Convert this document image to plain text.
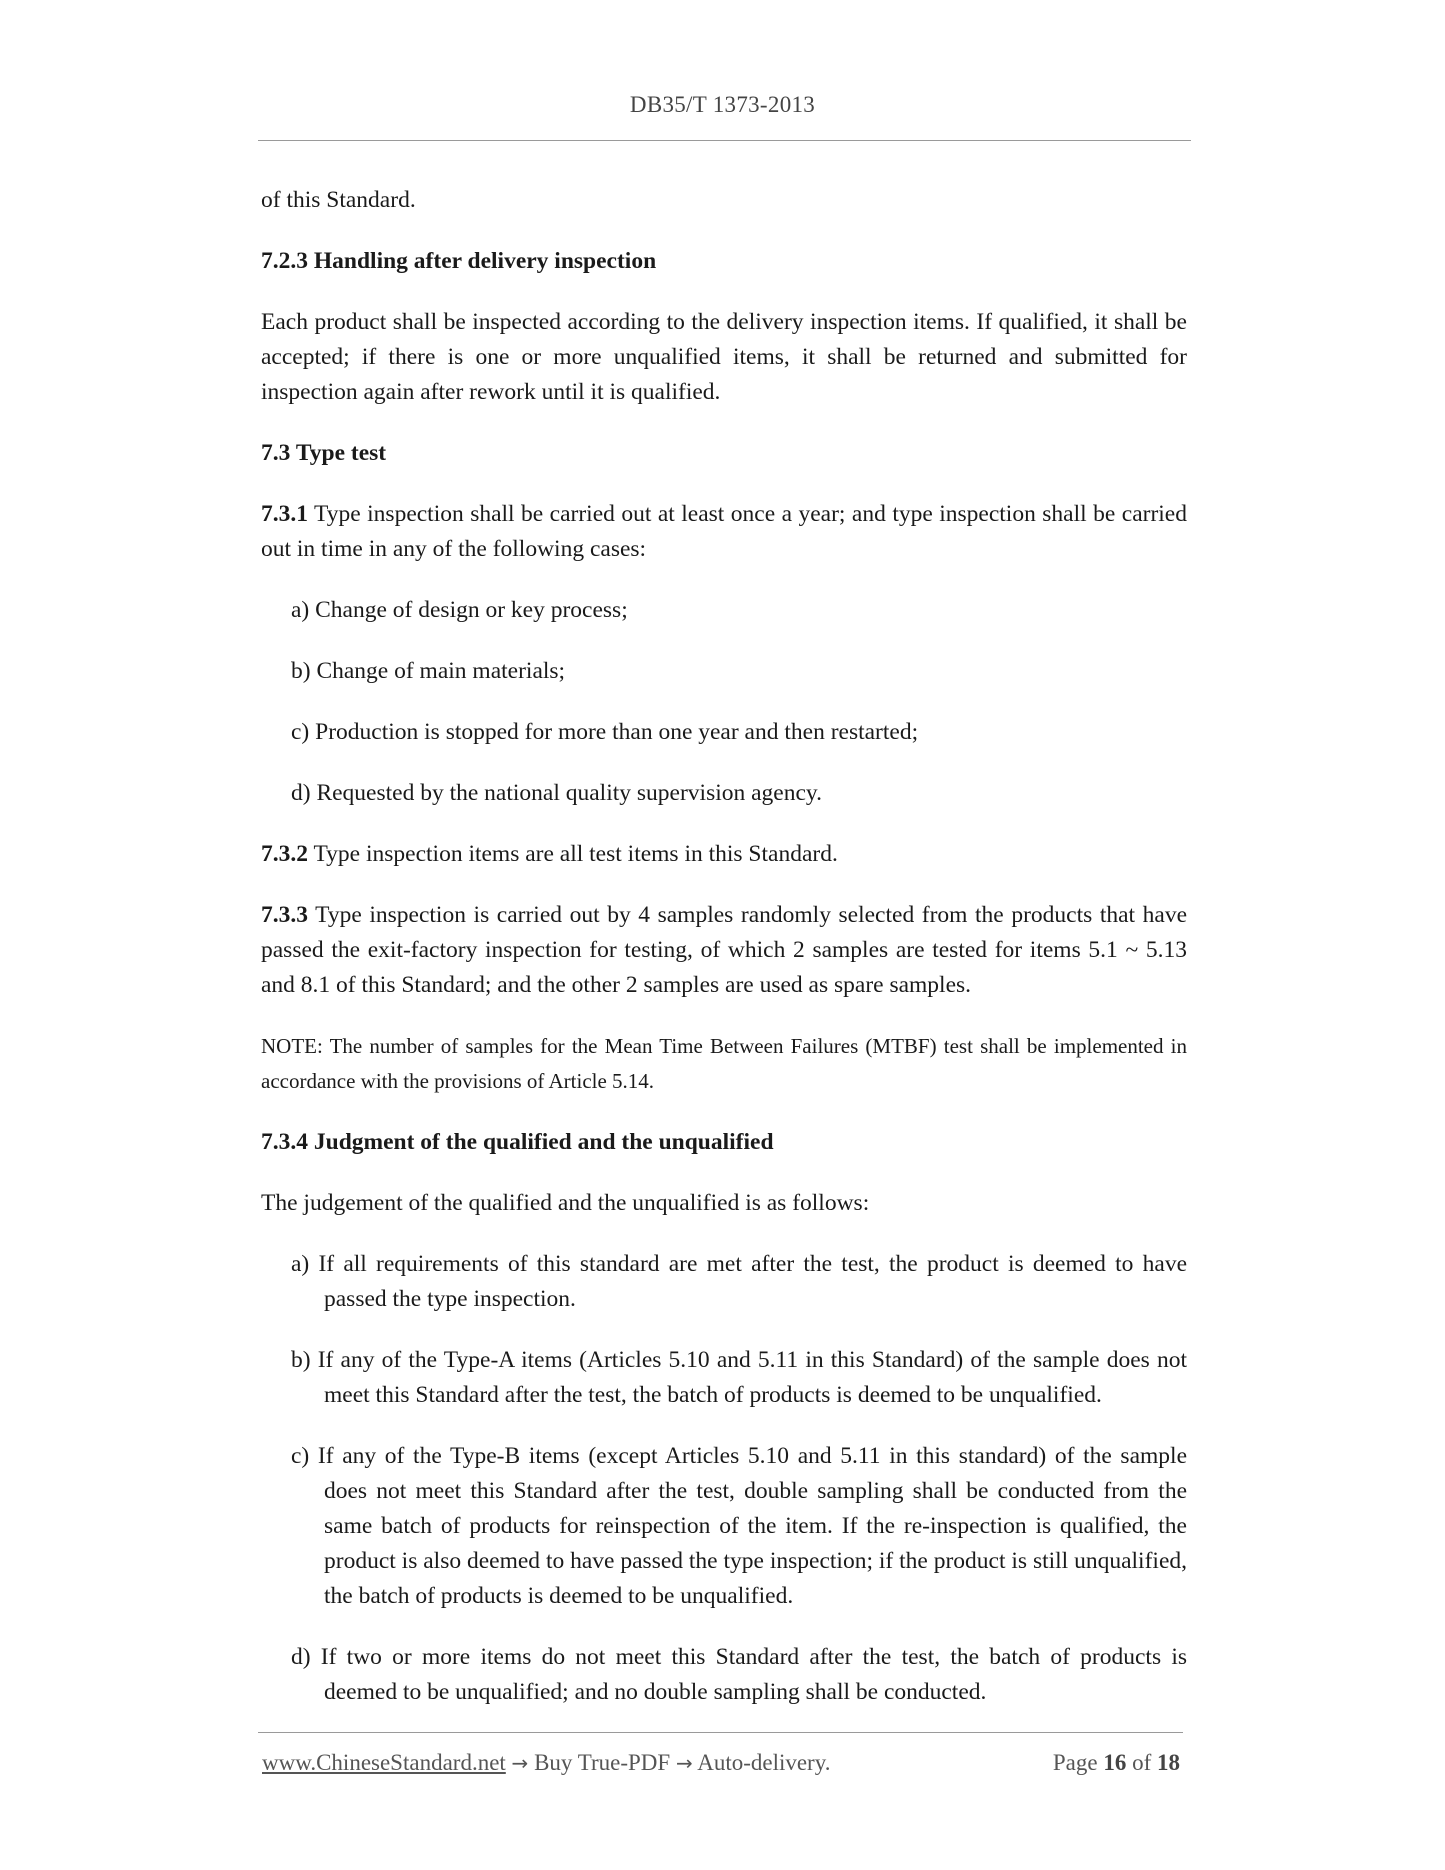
DB35/T 1373-2013

of this Standard.

7.2.3 Handling after delivery inspection

Each product shall be inspected according to the delivery inspection items. If qualified, it shall be accepted; if there is one or more unqualified items, it shall be returned and submitted for inspection again after rework until it is qualified.

7.3 Type test

7.3.1 Type inspection shall be carried out at least once a year; and type inspection shall be carried out in time in any of the following cases:

a) Change of design or key process;

b) Change of main materials;

c) Production is stopped for more than one year and then restarted;

d) Requested by the national quality supervision agency.

7.3.2 Type inspection items are all test items in this Standard.

7.3.3 Type inspection is carried out by 4 samples randomly selected from the products that have passed the exit-factory inspection for testing, of which 2 samples are tested for items 5.1 ~ 5.13 and 8.1 of this Standard; and the other 2 samples are used as spare samples.

NOTE: The number of samples for the Mean Time Between Failures (MTBF) test shall be implemented in accordance with the provisions of Article 5.14.

7.3.4 Judgment of the qualified and the unqualified

The judgement of the qualified and the unqualified is as follows:

a) If all requirements of this standard are met after the test, the product is deemed to have passed the type inspection.

b) If any of the Type-A items (Articles 5.10 and 5.11 in this Standard) of the sample does not meet this Standard after the test, the batch of products is deemed to be unqualified.

c) If any of the Type-B items (except Articles 5.10 and 5.11 in this standard) of the sample does not meet this Standard after the test, double sampling shall be conducted from the same batch of products for reinspection of the item. If the re-inspection is qualified, the product is also deemed to have passed the type inspection; if the product is still unqualified, the batch of products is deemed to be unqualified.

d) If two or more items do not meet this Standard after the test, the batch of products is deemed to be unqualified; and no double sampling shall be conducted.

www.ChineseStandard.net → Buy True-PDF → Auto-delivery.	Page 16 of 18
